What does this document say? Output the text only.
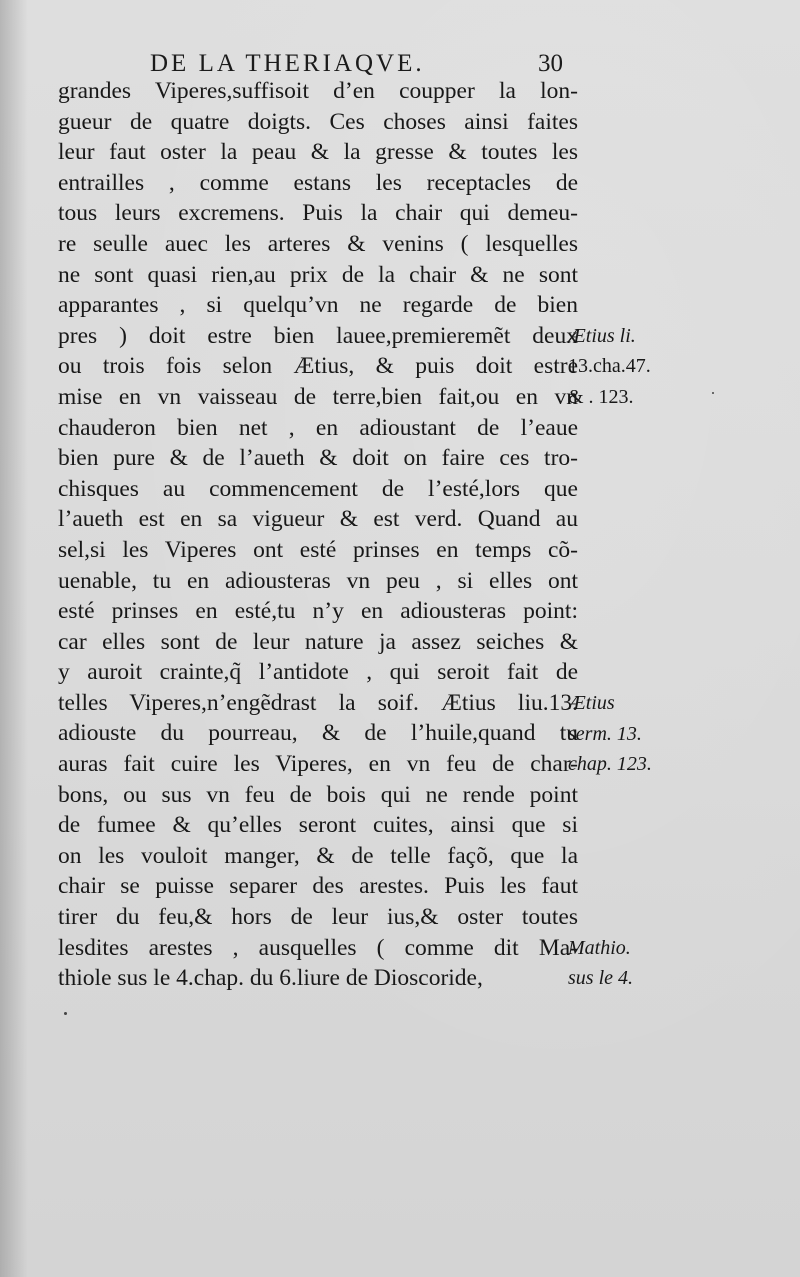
DE LA THERIAQVE.	30
grandes Viperes,suffisoit d’en coupper la lon-
gueur de quatre doigts. Ces choses ainsi faites
leur faut oster la peau & la gresse & toutes les
entrailles , comme estans les receptacles de
tous leurs excremens. Puis la chair qui demeu-
re seulle auec les arteres & venins ( lesquelles
ne sont quasi rien,au prix de la chair & ne sont
apparantes , si quelqu’vn ne regarde de bien
pres ) doit estre bien lauee,premieremẽt deux
ou trois fois selon Ætius, & puis doit estre
mise en vn vaisseau de terre,bien fait,ou en vn
chauderon bien net , en adioustant de l’eaue
bien pure & de l’aueth & doit on faire ces tro-
chisques au commencement de l’esté,lors que
l’aueth est en sa vigueur & est verd. Quand au
sel,si les Viperes ont esté prinses en temps cõ-
uenable, tu en adiousteras vn peu , si elles ont
esté prinses en esté,tu n’y en adiousteras point:
car elles sont de leur nature ja assez seiches &
y auroit crainte,q̃ l’antidote , qui seroit fait de
telles Viperes,n’engẽdrast la soif. Ætius liu.13.
adiouste du pourreau, & de l’huile,quand tu
auras fait cuire les Viperes, en vn feu de char-
bons, ou sus vn feu de bois qui ne rende point
de fumee & qu’elles seront cuites, ainsi que si
on les vouloit manger, & de telle façõ, que la
chair se puisse separer des arestes. Puis les faut
tirer du feu,& hors de leur ius,& oster toutes
lesdites arestes , ausquelles ( comme dit Ma-
thiole sus le 4.chap. du 6.liure de Dioscoride,
Ætius li.
13.cha.47.
& . 123.
Ætius
serm. 13.
chap. 123.
Mathio.
sus le 4.
